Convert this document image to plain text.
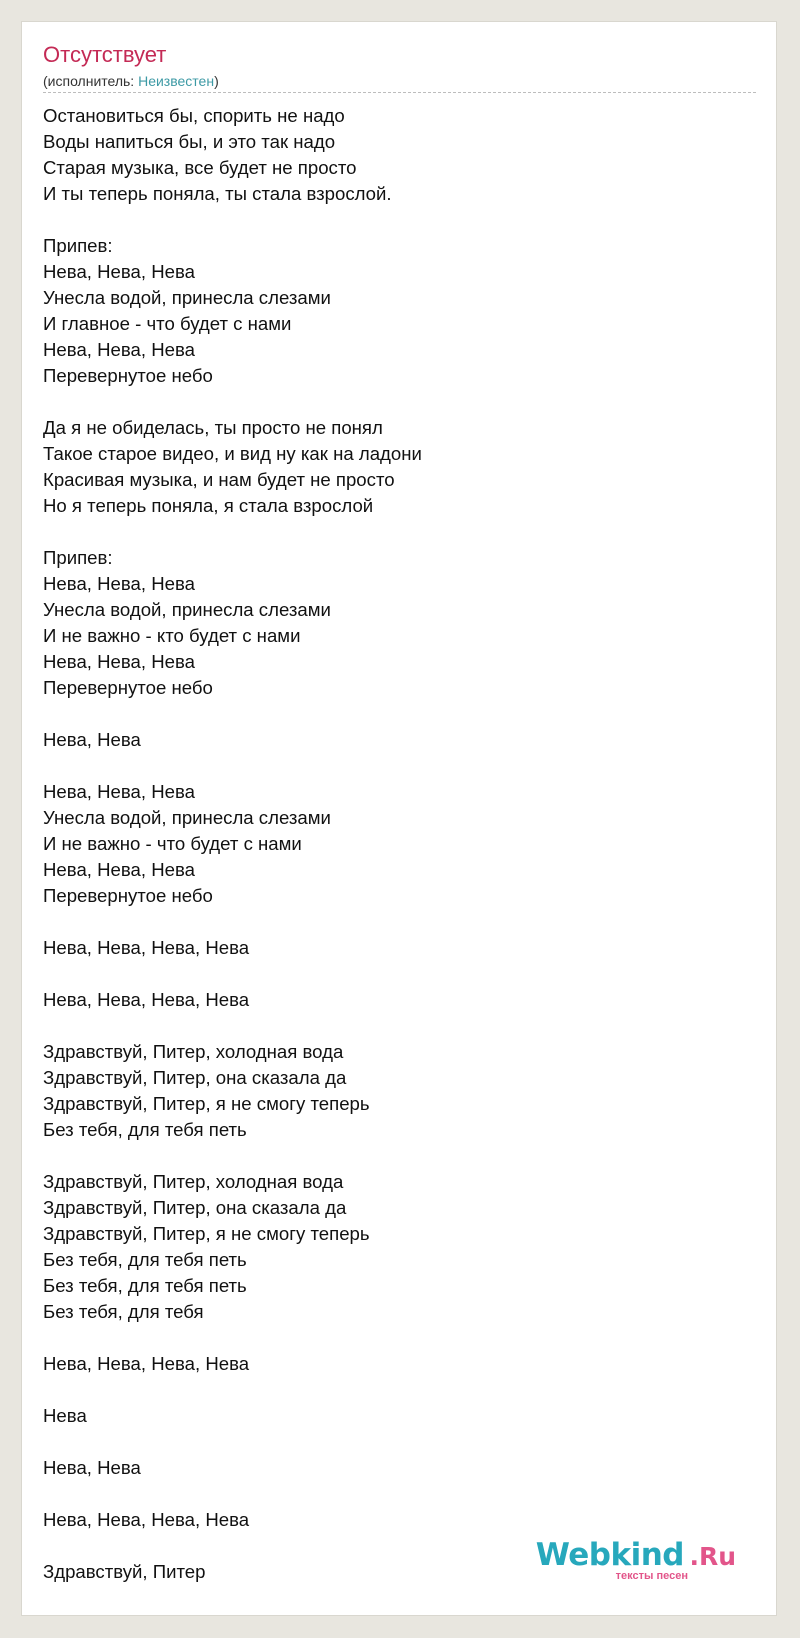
Отсутствует
(исполнитель: Неизвестен)
Остановиться бы, спорить не надо
Воды напиться бы, и это так надо
Старая музыка, все будет не просто
И ты теперь поняла, ты стала взрослой.
Припев:
Нева, Нева, Нева
Унесла водой, принесла слезами
И главное - что будет с нами
Нева, Нева, Нева
Перевернутое небо
Да я не обиделась, ты просто не понял
Такое старое видео, и вид ну как на ладони
Красивая музыка, и нам будет не просто
Но я теперь поняла, я стала взрослой
Припев:
Нева, Нева, Нева
Унесла водой, принесла слезами
И не важно - кто будет с нами
Нева, Нева, Нева
Перевернутое небо
Нева, Нева
Нева, Нева, Нева
Унесла водой, принесла слезами
И не важно - что будет с нами
Нева, Нева, Нева
Перевернутое небо
Нева, Нева, Нева, Нева
Нева, Нева, Нева, Нева
Здравствуй, Питер, холодная вода
Здравствуй, Питер, она сказала да
Здравствуй, Питер, я не смогу теперь
Без тебя, для тебя петь
Здравствуй, Питер, холодная вода
Здравствуй, Питер, она сказала да
Здравствуй, Питер, я не смогу теперь
Без тебя, для тебя петь
Без тебя, для тебя петь
Без тебя, для тебя
Нева, Нева, Нева, Нева
Нева
Нева, Нева
Нева, Нева, Нева, Нева
Здравствуй, Питер	Webkind .Ru
тексты песен
